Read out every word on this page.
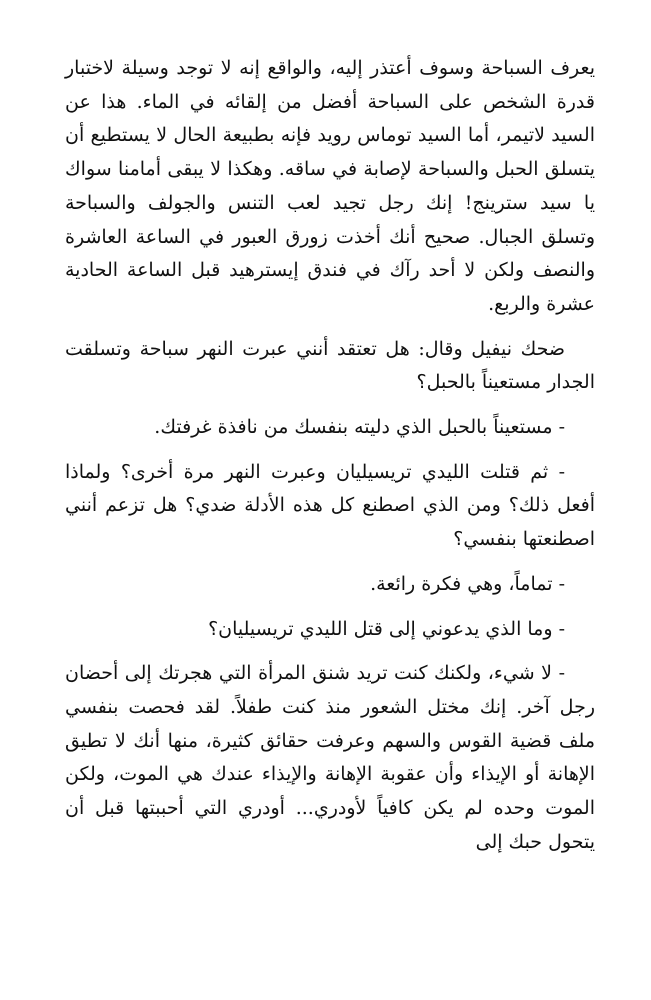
يعرف السباحة وسوف أعتذر إليه، والواقع إنه لا توجد وسيلة لاختبار قدرة الشخص على السباحة أفضل من إلقائه في الماء. هذا عن السيد لاتيمر، أما السيد توماس رويد فإنه بطبيعة الحال لا يستطيع أن يتسلق الحبل والسباحة لإصابة في ساقه. وهكذا لا يبقى أمامنا سواك يا سيد سترينج! إنك رجل تجيد لعب التنس والجولف والسباحة وتسلق الجبال. صحيح أنك أخذت زورق العبور في الساعة العاشرة والنصف ولكن لا أحد رآك في فندق إيسترهيد قبل الساعة الحادية عشرة والربع.

ضحك نيفيل وقال: هل تعتقد أنني عبرت النهر سباحة وتسلقت الجدار مستعيناً بالحبل؟

- مستعيناً بالحبل الذي دليته بنفسك من نافذة غرفتك.

- ثم قتلت الليدي تريسيليان وعبرت النهر مرة أخرى؟ ولماذا أفعل ذلك؟ ومن الذي اصطنع كل هذه الأدلة ضدي؟ هل تزعم أنني اصطنعتها بنفسي؟

- تماماً، وهي فكرة رائعة.

- وما الذي يدعوني إلى قتل الليدي تريسيليان؟

- لا شيء، ولكنك كنت تريد شنق المرأة التي هجرتك إلى أحضان رجل آخر. إنك مختل الشعور منذ كنت طفلاً. لقد فحصت بنفسي ملف قضية القوس والسهم وعرفت حقائق كثيرة، منها أنك لا تطيق الإهانة أو الإيذاء وأن عقوبة الإهانة والإيذاء عندك هي الموت، ولكن الموت وحده لم يكن كافياً لأودري... أودري التي أحببتها قبل أن يتحول حبك إلى
